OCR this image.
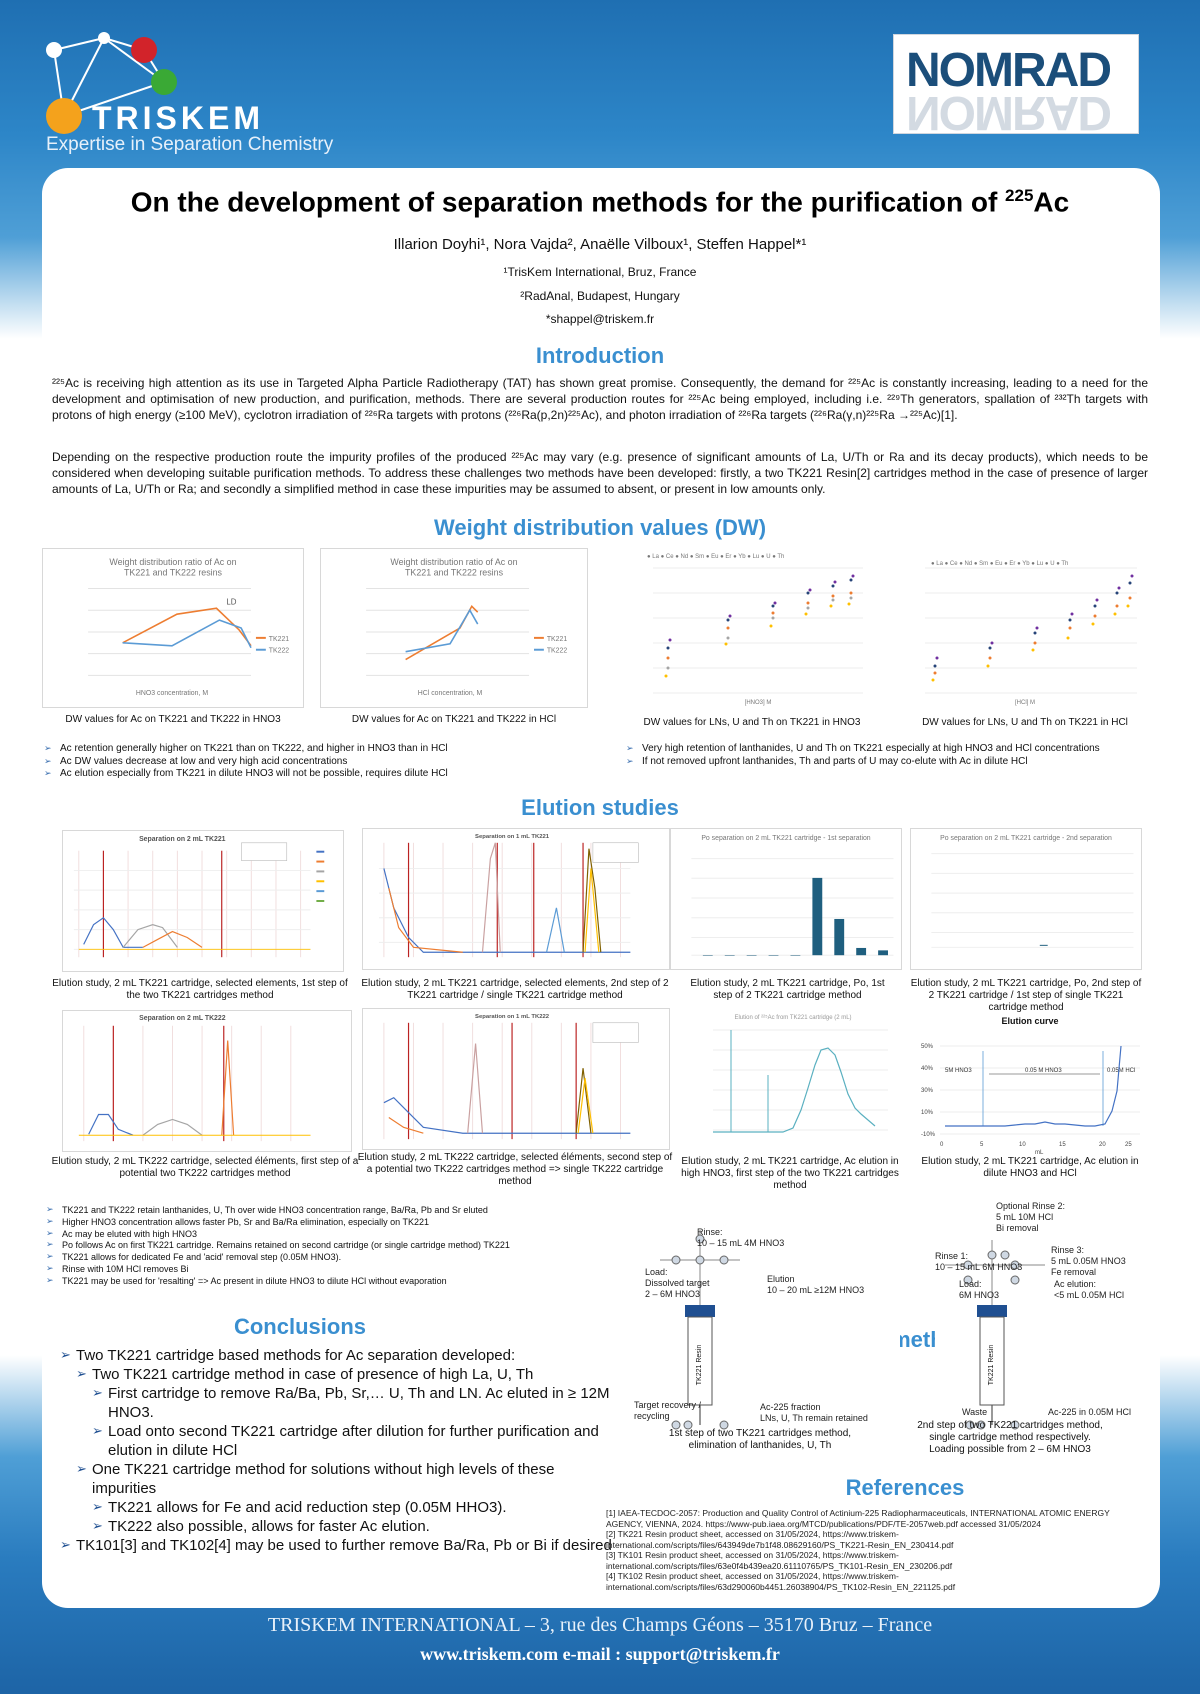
TRISKEM
Expertise in Separation Chemistry
NOMRAD
NOMRAD
On the development of separation methods for the purification of $^{225}$Ac
Illarion Doyhi¹, Nora Vajda², Anaëlle Vilboux¹, Steffen Happel*¹
¹TrisKem International, Bruz, France
²RadAnal, Budapest, Hungary
*shappel@triskem.fr
Introduction
²²⁵Ac is receiving high attention as its use in Targeted Alpha Particle Radiotherapy (TAT) has shown great promise. Consequently, the demand for ²²⁵Ac is constantly increasing, leading to a need for the development and optimisation of new production, and purification, methods. There are several production routes for ²²⁵Ac being employed, including i.e. ²²⁹Th generators, spallation of ²³²Th targets with protons of high energy (≥100 MeV), cyclotron irradiation of ²²⁶Ra targets with protons (²²⁶Ra(p,2n)²²⁵Ac), and photon irradiation of ²²⁶Ra targets (²²⁶Ra(γ,n)²²⁵Ra →²²⁵Ac)[1].
Depending on the respective production route the impurity profiles of the produced ²²⁵Ac may vary (e.g. presence of significant amounts of La, U/Th or Ra and its decay products), which needs to be considered when developing suitable purification methods. To address these challenges two methods have been developed: firstly, a two TK221 Resin[2] cartridges method in the case of presence of larger amounts of La, U/Th or Ra; and secondly a simplified method in case these impurities may be assumed to absent, or present in low amounts only.
Weight distribution values (DW)
Weight distribution ratio of Ac on
TK221 and TK222 resins
LD
TK221
TK222
HNO3 concentration, M
Weight distribution ratio of Ac on
TK221 and TK222 resins
TK221
TK222
HCl concentration, M
● La ● Ce ● Nd ● Sm ● Eu ● Er ● Yb ● Lu ● U ● Th
[HNO3] M
● La ● Ce ● Nd ● Sm ● Eu ● Er ● Yb ● Lu ● U ● Th
[HCl] M
DW values for Ac on TK221 and TK222 in HNO3	DW values for Ac on TK221 and TK222 in HCl	DW values for LNs, U and Th on TK221 in HNO3	DW values for LNs, U and Th on TK221 in HCl
➢ Ac retention generally higher on TK221 than on TK222, and higher in HNO3 than in HCl
➢ Ac DW values decrease at low and very high acid concentrations
➢ Ac elution especially from TK221 in dilute HNO3 will not be possible, requires dilute HCl
➢ Very high retention of lanthanides, U and Th on TK221 especially at high HNO3 and HCl concentrations
➢ If not removed upfront lanthanides, Th and parts of U may co-elute with Ac in dilute HCl
Elution studies
Separation on 2 mL TK221	Separation on 1 mL TK221	Po separation on 2 mL TK221 cartridge - 1st separation	Po separation on 2 mL TK221 cartridge - 2nd separation
Elution study, 2 mL TK221 cartridge, selected elements, 1st step of the two TK221 cartridges method
Elution study, 2 mL TK221 cartridge, selected elements, 2nd step of 2 TK221 cartridge / single TK221 cartridge method
Elution study, 2 mL TK221 cartridge, Po, 1st step of 2 TK221 cartridge method
Elution study, 2 mL TK221 cartridge, Po, 2nd step of 2 TK221 cartridge / 1st step of single TK221 cartridge method
Separation on 2 mL TK222	Separation on 1 mL TK222	Elution of ²²⁵Ac from TK221 cartridge (2 mL)	Elution curve
50%
40%
30%
10%
-10%
5M HNO3	0.05 M HNO3	0.05M HCl
0	5	10	15	20	25
mL
Elution study, 2 mL TK222 cartridge, selected éléments, first step of a potential two TK222 cartridges method
Elution study, 2 mL TK222 cartridge, selected éléments, second step of a potential two TK222 cartridges method => single TK222 cartridge method
Elution study, 2 mL TK221 cartridge, Ac elution in high HNO3, first step of the two TK221 cartridges method
Elution study, 2 mL TK221 cartridge, Ac elution in dilute HNO3 and HCl
➢ TK221 and TK222 retain lanthanides, U, Th over wide HNO3 concentration range, Ba/Ra, Pb and Sr eluted
➢ Higher HNO3 concentration allows faster Pb, Sr and Ba/Ra elimination, especially on TK221
➢ Ac may be eluted with high HNO3
➢ Po follows Ac on first TK221 cartridge. Remains retained on second cartridge (or single cartridge method) TK221
➢ TK221 allows for dedicated Fe and 'acid' removal step (0.05M HNO3).
➢ Rinse with 10M HCl removes Bi
➢ TK221 may be used for 'resalting' => Ac present in dilute HNO3 to dilute HCl without evaporation
Conclusions
➢ Two TK221 cartridge based methods for Ac separation developed:
➢ Two TK221 cartridge method in case of presence of high La, U, Th
➢ First cartridge to remove Ra/Ba, Pb, Sr,… U, Th and LN. Ac eluted in ≥ 12M HNO3.
➢ Load onto second TK221 cartridge after dilution for further purification and elution in dilute HCl
➢ One TK221 cartridge method for solutions without high levels of these impurities
➢ TK221 allows for Fe and acid reduction step (0.05M HHO3).
➢ TK222 also possible, allows for faster Ac elution.
➢ TK101[3] and TK102[4] may be used to further remove Ba/Ra, Pb or Bi if desired
TK221 Resin
Rinse:
10 – 15 mL 4M HNO3
Load:
Dissolved target
2 – 6M HNO3
Elution
10 – 20 mL ≥12M HNO3
Target recovery /
recycling
Ac-225 fraction
LNs, U, Th remain retained
1st step of two TK221 cartridges method,
elimination of lanthanides, U, Th
TK221 Resin
Optional Rinse 2:
5 mL 10M HCl
Bi removal
Rinse 1:
10 – 15 mL 6M HNO3
Rinse 3:
5 mL 0.05M HNO3
Fe removal
Load:
6M HNO3
Ac elution:
<5 mL 0.05M HCl
Waste	Ac-225 in 0.05M HCl
2nd step of two TK221 cartridges method,
single cartridge method respectively.
Loading possible from 2 – 6M HNO3
References
[1] IAEA-TECDOC-2057: Production and Quality Control of Actinium-225 Radiopharmaceuticals, INTERNATIONAL ATOMIC ENERGY AGENCY, VIENNA, 2024. https://www-pub.iaea.org/MTCD/publications/PDF/TE-2057web.pdf accessed 31/05/2024
[2] TK221 Resin product sheet, accessed on 31/05/2024, https://www.triskem-international.com/scripts/files/643949de7b1f48.08629160/PS_TK221-Resin_EN_230414.pdf
[3] TK101 Resin product sheet, accessed on 31/05/2024, https://www.triskem-international.com/scripts/files/63e0f4b439ea20.61110765/PS_TK101-Resin_EN_230206.pdf
[4] TK102 Resin product sheet, accessed on 31/05/2024, https://www.triskem-international.com/scripts/files/63d290060b4451.26038904/PS_TK102-Resin_EN_221125.pdf
TRISKEM INTERNATIONAL – 3, rue des Champs Géons – 35170 Bruz – France
www.triskem.com e-mail : support@triskem.fr
